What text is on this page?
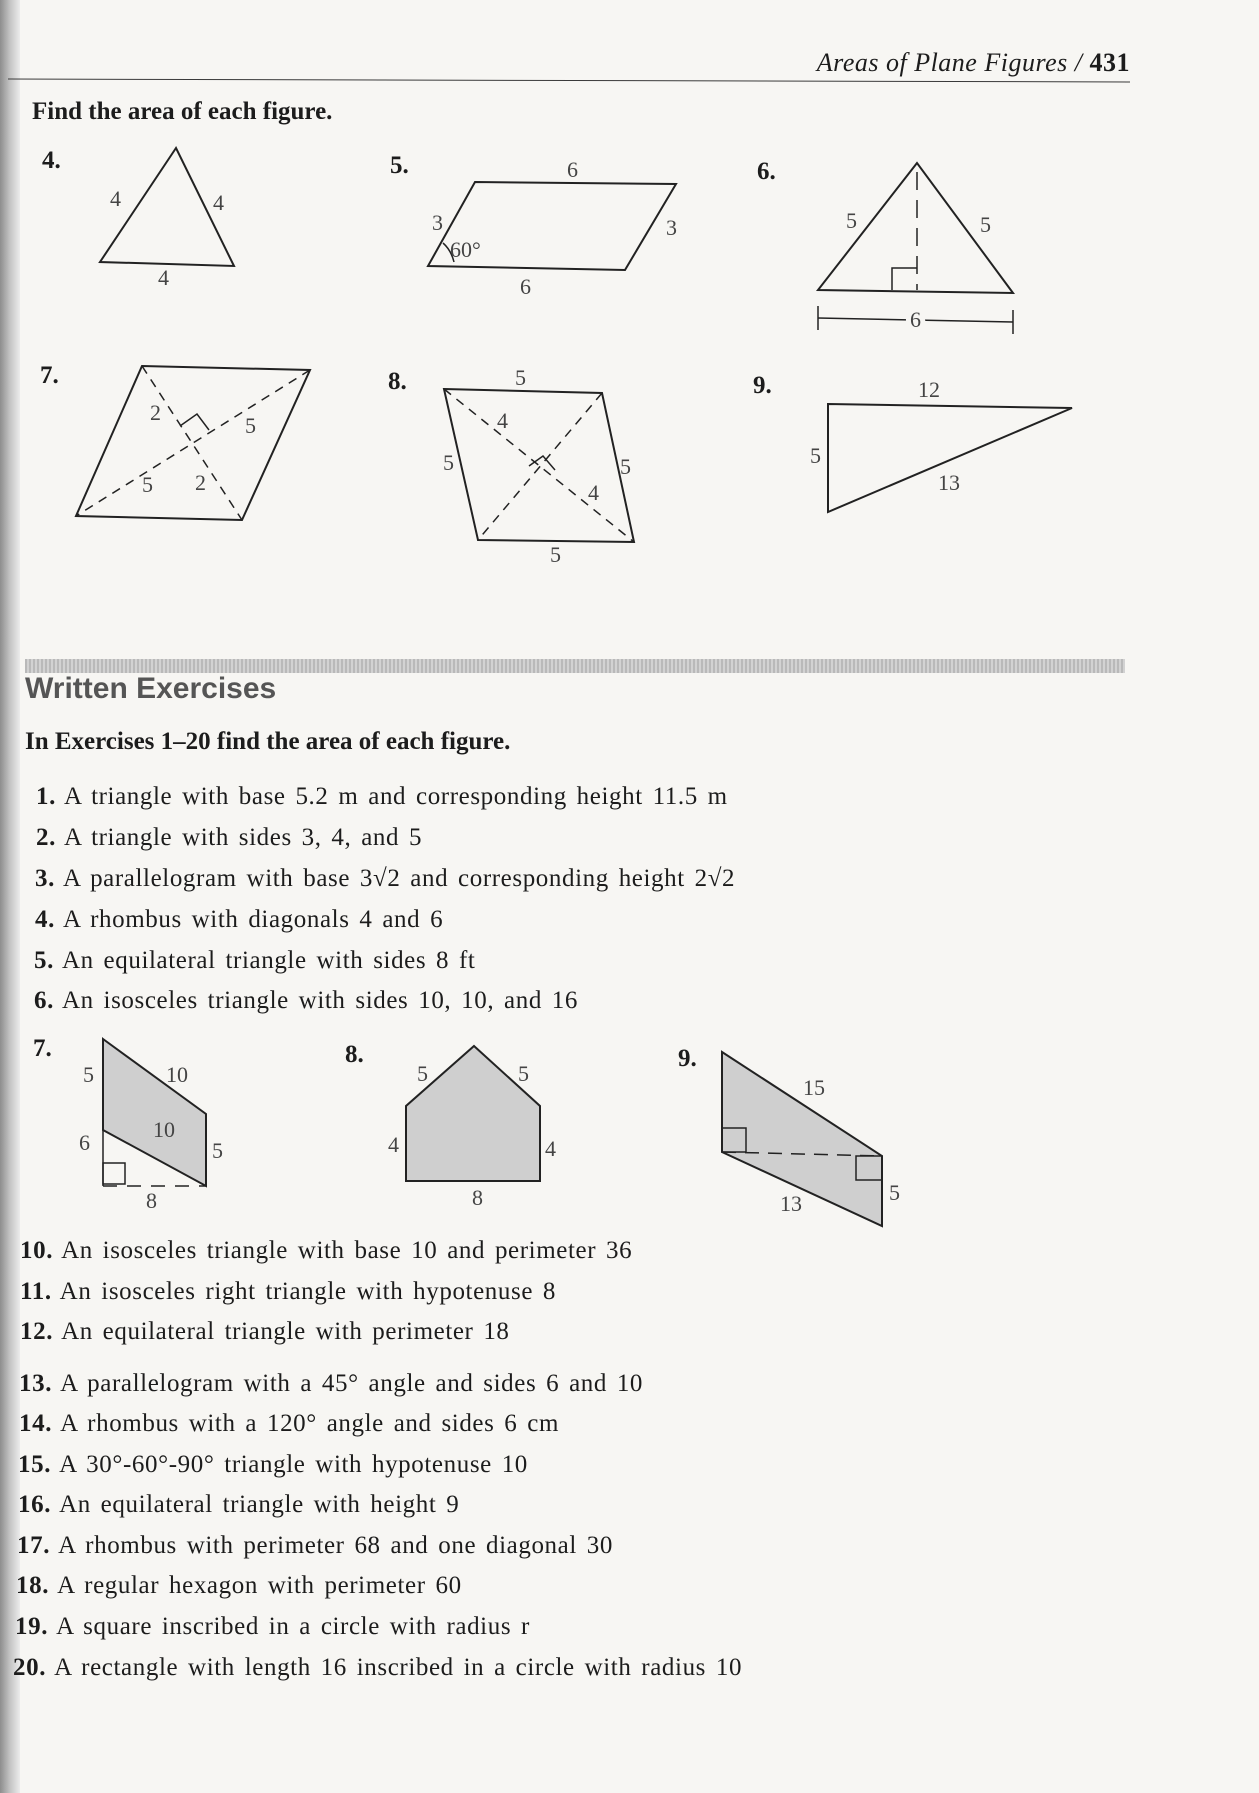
Areas of Plane Figures / 431
Find the area of each figure.
4.	5.	6.
7.	8.	9.
4	4
4
6
3	3
60°
6
5	5
6
2
5
5 2
5
4
5	5
4
5
12
5
13
5	10
10
6	5
8
5	5
4	4
8
15
13	5
Written Exercises
In Exercises 1–20 find the area of each figure.
1. A triangle with base 5.2 m and corresponding height 11.5 m
2. A triangle with sides 3, 4, and 5
3. A parallelogram with base 3√2 and corresponding height 2√2
4. A rhombus with diagonals 4 and 6
5. An equilateral triangle with sides 8 ft
6. An isosceles triangle with sides 10, 10, and 16
7.	8.	9.
10. An isosceles triangle with base 10 and perimeter 36
11. An isosceles right triangle with hypotenuse 8
12. An equilateral triangle with perimeter 18
13. A parallelogram with a 45° angle and sides 6 and 10
14. A rhombus with a 120° angle and sides 6 cm
15. A 30°-60°-90° triangle with hypotenuse 10
16. An equilateral triangle with height 9
17. A rhombus with perimeter 68 and one diagonal 30
18. A regular hexagon with perimeter 60
19. A square inscribed in a circle with radius r
20. A rectangle with length 16 inscribed in a circle with radius 10
